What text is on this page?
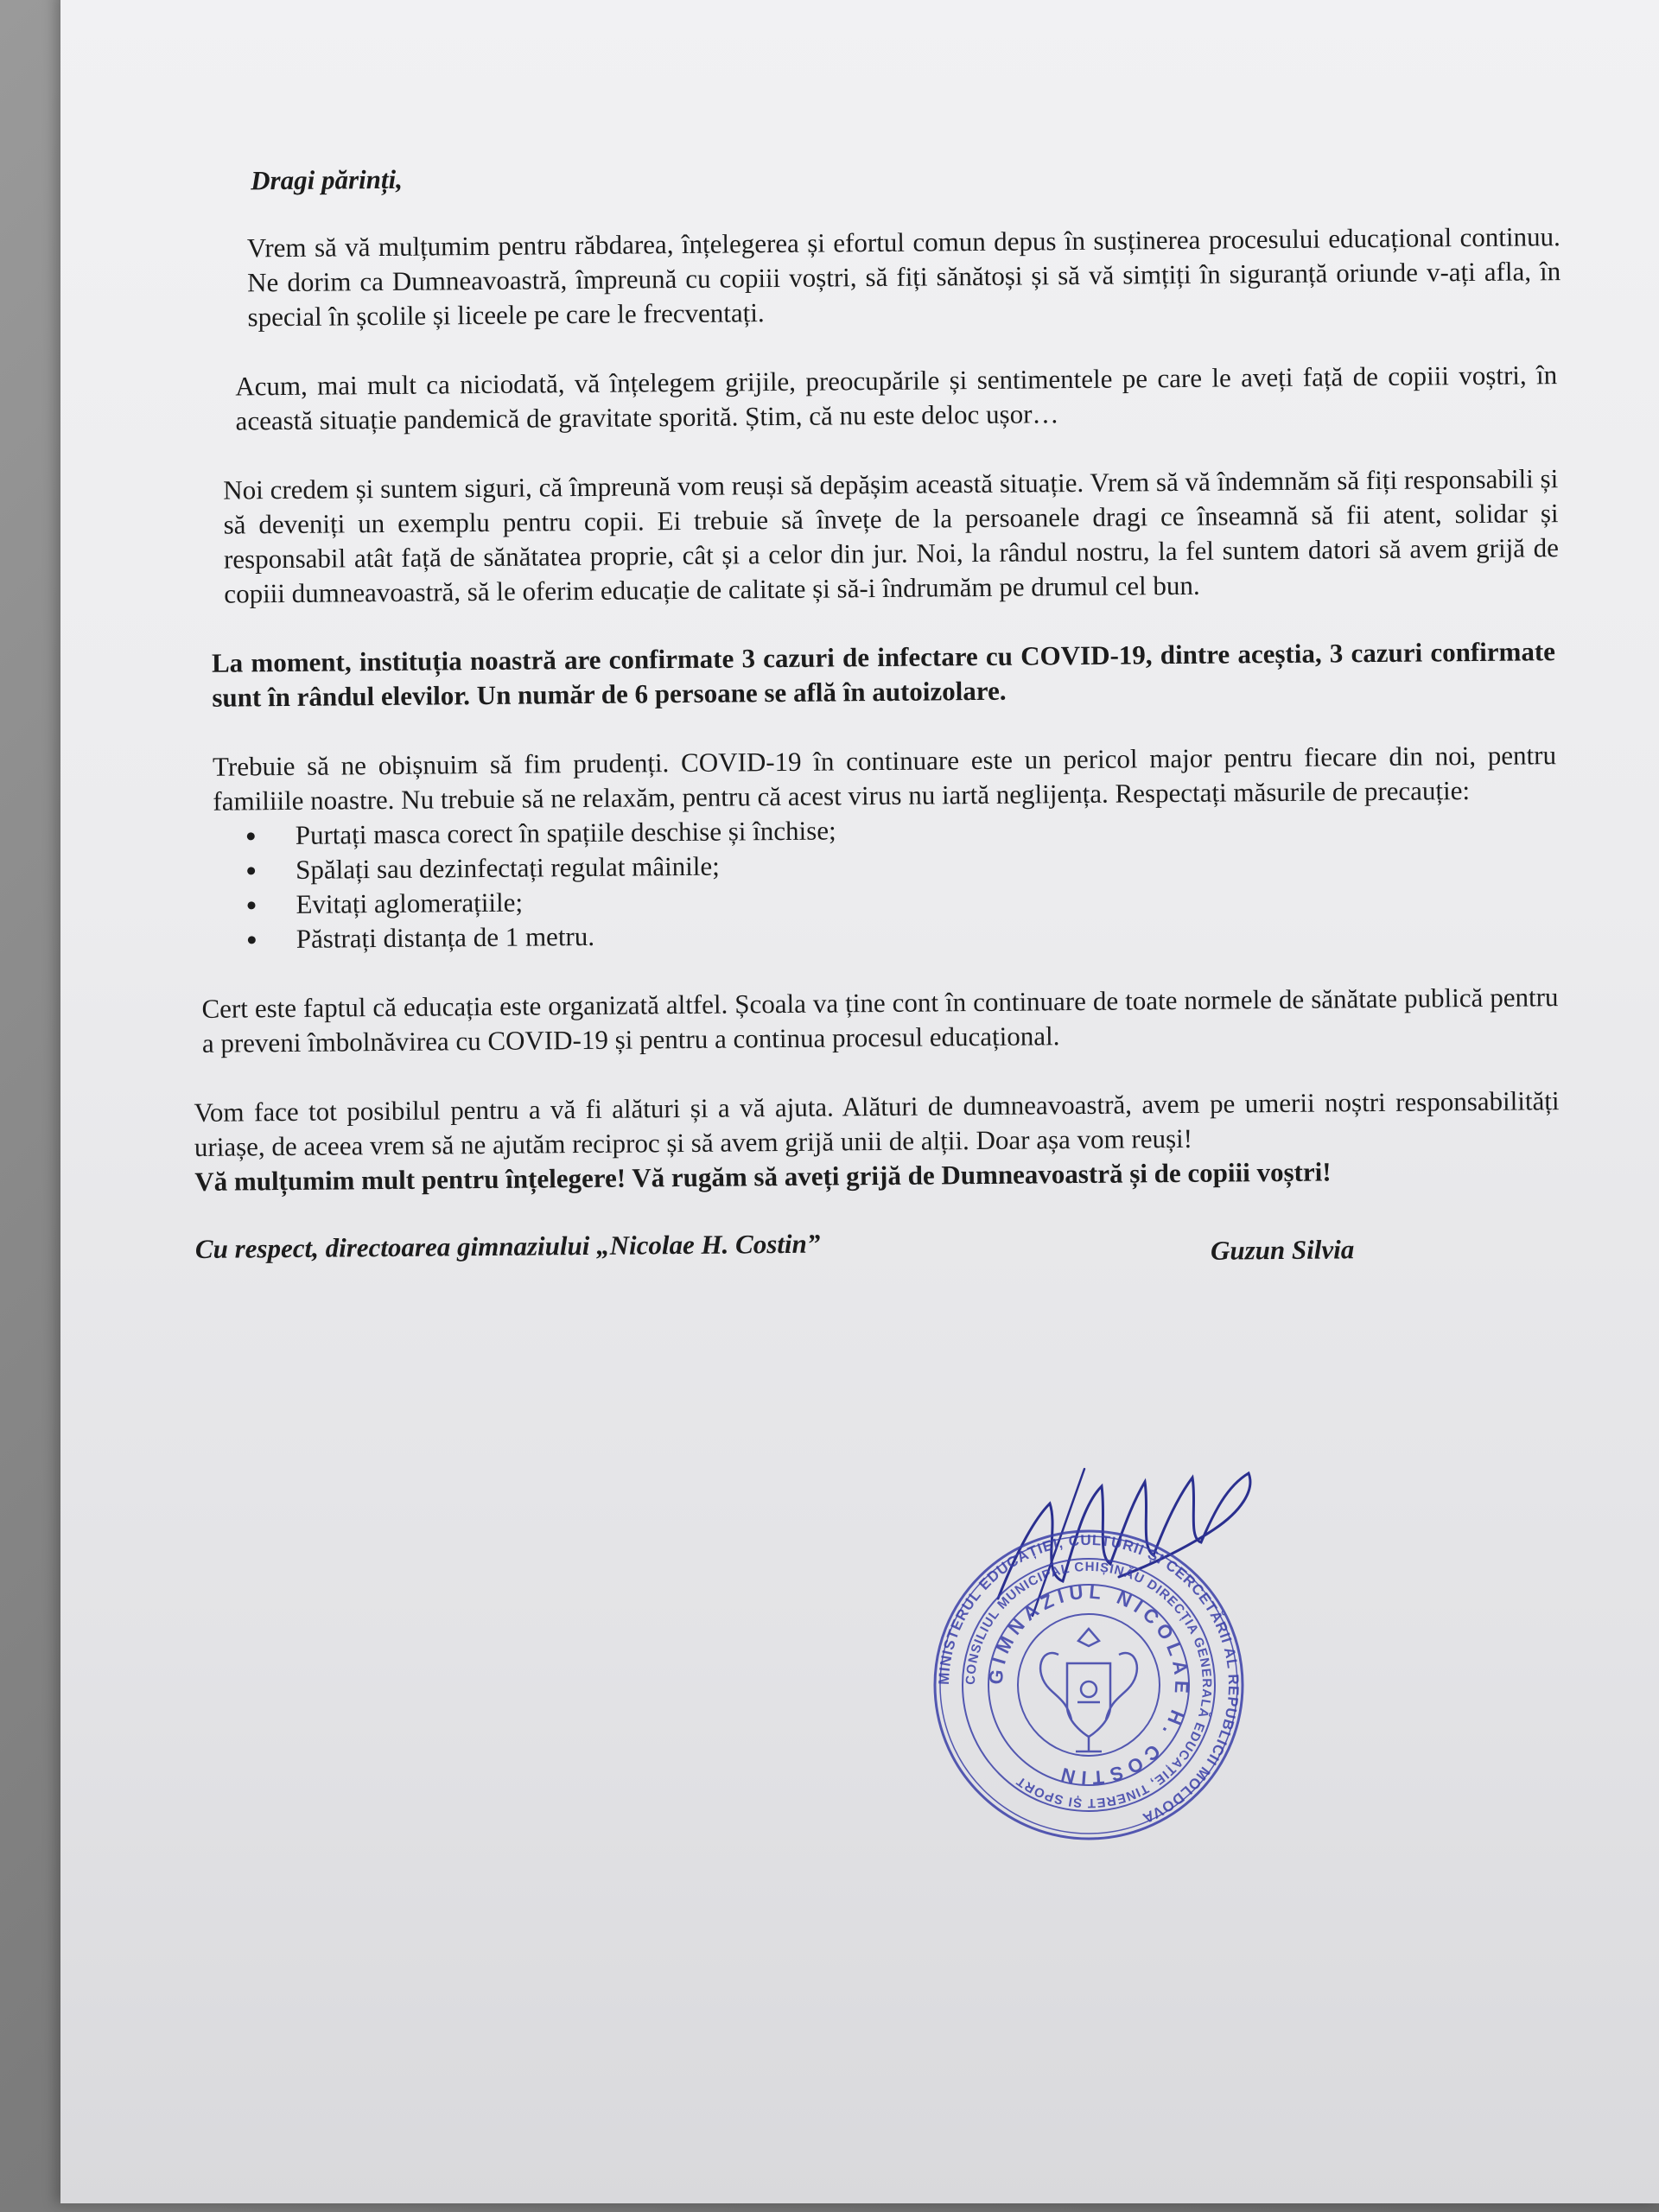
Dragi părinți,

Vrem să vă mulțumim pentru răbdarea, înțelegerea și efortul comun depus în susținerea procesului educațional continuu. Ne dorim ca Dumneavoastră, împreună cu copiii voștri, să fiți sănătoși și să vă simțiți în siguranță oriunde v-ați afla, în special în școlile și liceele pe care le frecventați.

Acum, mai mult ca niciodată, vă înțelegem grijile, preocupările și sentimentele pe care le aveți față de copiii voștri, în această situație pandemică de gravitate sporită. Știm, că nu este deloc ușor…

Noi credem și suntem siguri, că împreună vom reuși să depășim această situație. Vrem să vă îndemnăm să fiți responsabili și să deveniți un exemplu pentru copii. Ei trebuie să învețe de la persoanele dragi ce înseamnă să fii atent, solidar și responsabil atât față de sănătatea proprie, cât și a celor din jur. Noi, la rândul nostru, la fel suntem datori să avem grijă de copiii dumneavoastră, să le oferim educație de calitate și să-i îndrumăm pe drumul cel bun.

La moment, instituția noastră are confirmate 3 cazuri de infectare cu COVID-19, dintre aceștia, 3 cazuri confirmate sunt în rândul elevilor. Un număr de 6 persoane se află în autoizolare.

Trebuie să ne obișnuim să fim prudenți. COVID-19 în continuare este un pericol major pentru fiecare din noi, pentru familiile noastre. Nu trebuie să ne relaxăm, pentru că acest virus nu iartă neglijența. Respectați măsurile de precauție:

Purtați masca corect în spațiile deschise și închise;
Spălați sau dezinfectați regulat mâinile;
Evitați aglomerațiile;
Păstrați distanța de 1 metru.

Cert este faptul că educația este organizată altfel. Școala va ține cont în continuare de toate normele de sănătate publică pentru a preveni îmbolnăvirea cu COVID-19 și pentru a continua procesul educațional.

Vom face tot posibilul pentru a vă fi alături și a vă ajuta. Alături de dumneavoastră, avem pe umerii noștri responsabilități uriașe, de aceea vrem să ne ajutăm reciproc și să avem grijă unii de alții. Doar așa vom reuși!

Vă mulțumim mult pentru înțelegere! Vă rugăm să aveți grijă de Dumneavoastră și de copiii voștri!

Cu respect, directoarea gimnaziului „Nicolae H. Costin”	Guzun Silvia
MINISTERUL EDUCAȚIEI, CULTURII ȘI CERCETĂRII AL REPUBLICII MOLDOVA
CONSILIUL MUNICIPAL CHIȘINĂU DIRECȚIA GENERALĂ EDUCAȚIE, TINERET ȘI SPORT
GIMNAZIUL NICOLAE H. COSTIN
